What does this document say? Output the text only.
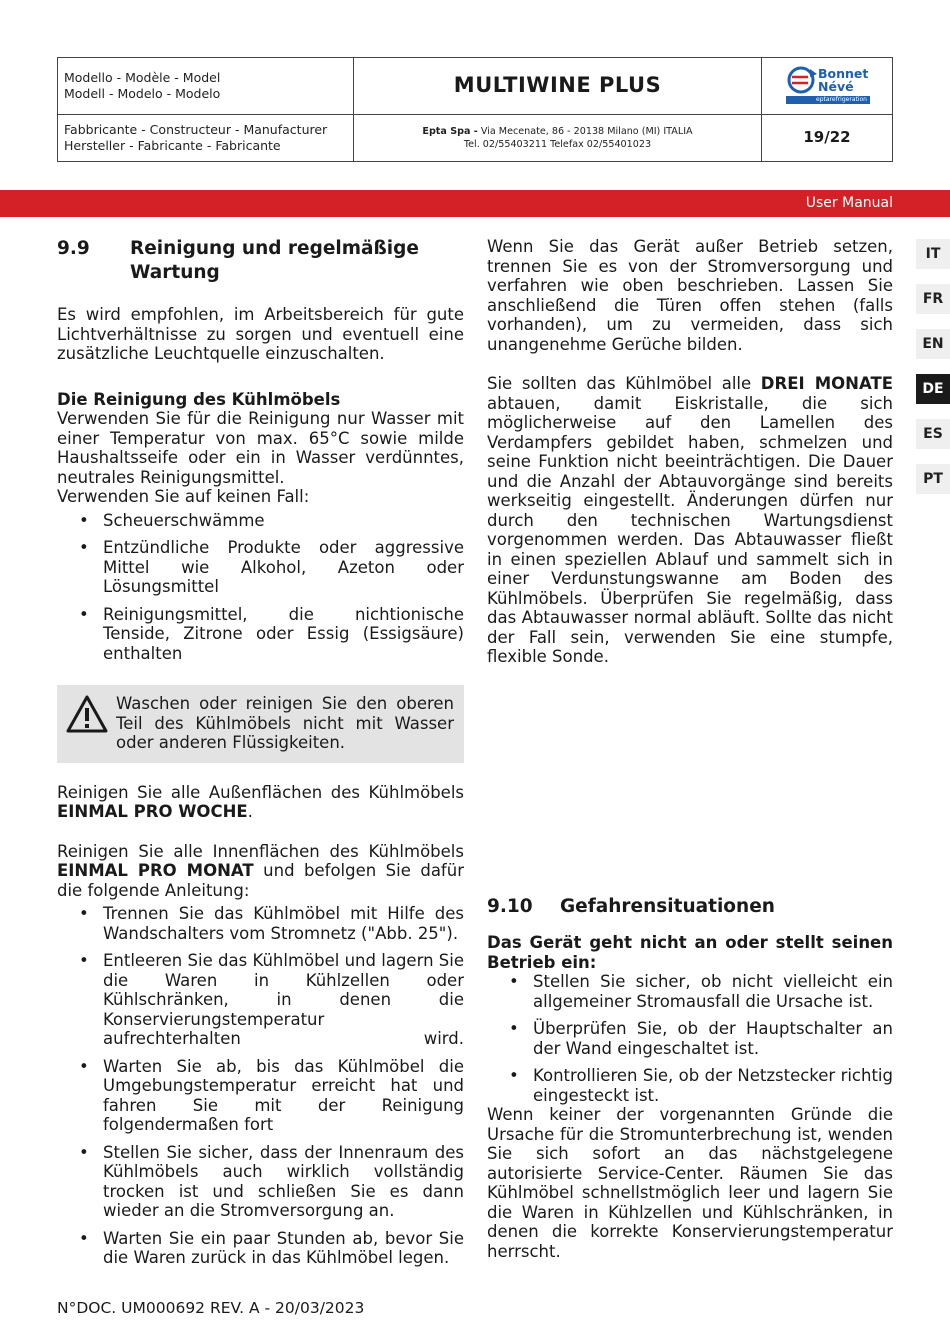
Modello - Modèle - Model
Modell - Modelo - Modelo	MULTIWINE PLUS
Fabbricante - Constructeur - Manufacturer
Hersteller - Fabricante - Fabricante
Epta Spa - Via Mecenate, 86 - 20138 Milano (MI) ITALIA
Tel. 02/55403211 Telefax 02/55401023	19/22
Bonnet
Névé
eptarefrigeration
User Manual
IT
FR
EN
DE
ES
PT
9.9	Reinigung und regelmäßige Wartung

Es wird empfohlen, im Arbeitsbereich für gute Lichtverhältnisse zu sorgen und eventuell eine zusätzliche Leuchtquelle einzuschalten.

Die Reinigung des Kühlmöbels

Verwenden Sie für die Reinigung nur Wasser mit einer Temperatur von max. 65°C sowie milde Haushaltsseife oder ein in Wasser verdünntes, neutrales Reinigungsmittel.

Verwenden Sie auf keinen Fall:

• Scheuerschwämme
• Entzündliche Produkte oder aggressive Mittel wie Alkohol, Azeton oder Lösungsmittel
• Reinigungsmittel, die nichtionische Tenside, Zitrone oder Essig (Essigsäure) enthalten

Waschen oder reinigen Sie den oberen Teil des Kühlmöbels nicht mit Wasser oder anderen Flüssigkeiten.

Reinigen Sie alle Außenflächen des Kühlmöbels EINMAL PRO WOCHE.

Reinigen Sie alle Innenflächen des Kühlmöbels EINMAL PRO MONAT und befolgen Sie dafür die folgende Anleitung:

• Trennen Sie das Kühlmöbel mit Hilfe des Wandschalters vom Stromnetz ("Abb. 25").
• Entleeren Sie das Kühlmöbel und lagern Sie die Waren in Kühlzellen oder Kühlschränken, in denen die Konservierungstemperatur aufrechterhalten wird.
• Warten Sie ab, bis das Kühlmöbel die Umgebungstemperatur erreicht hat und fahren Sie mit der Reinigung folgendermaßen fort
• Stellen Sie sicher, dass der Innenraum des Kühlmöbels auch wirklich vollständig trocken ist und schließen Sie es dann wieder an die Stromversorgung an.
• Warten Sie ein paar Stunden ab, bevor Sie die Waren zurück in das Kühlmöbel legen.

Wenn Sie das Gerät außer Betrieb setzen, trennen Sie es von der Stromversorgung und verfahren wie oben beschrieben. Lassen Sie anschließend die Türen offen stehen (falls vorhanden), um zu vermeiden, dass sich unangenehme Gerüche bilden.

Sie sollten das Kühlmöbel alle DREI MONATE abtauen, damit Eiskristalle, die sich möglicherweise auf den Lamellen des Verdampfers gebildet haben, schmelzen und seine Funktion nicht beeinträchtigen. Die Dauer und die Anzahl der Abtauvorgänge sind bereits werkseitig eingestellt. Änderungen dürfen nur durch den technischen Wartungsdienst vorgenommen werden. Das Abtauwasser fließt in einen speziellen Ablauf und sammelt sich in einer Verdunstungswanne am Boden des Kühlmöbels. Überprüfen Sie regelmäßig, dass das Abtauwasser normal abläuft. Sollte das nicht der Fall sein, verwenden Sie eine stumpfe, flexible Sonde.

9.10	Gefahrensituationen

Das Gerät geht nicht an oder stellt seinen Betrieb ein:

• Stellen Sie sicher, ob nicht vielleicht ein allgemeiner Stromausfall die Ursache ist.
• Überprüfen Sie, ob der Hauptschalter an der Wand eingeschaltet ist.
• Kontrollieren Sie, ob der Netzstecker richtig eingesteckt ist.

Wenn keiner der vorgenannten Gründe die Ursache für die Stromunterbrechung ist, wenden Sie sich sofort an das nächstgelegene autorisierte Service-Center. Räumen Sie das Kühlmöbel schnellstmöglich leer und lagern Sie die Waren in Kühlzellen und Kühlschränken, in denen die korrekte Konservierungstemperatur herrscht.

N°DOC. UM000692 REV. A - 20/03/2023
